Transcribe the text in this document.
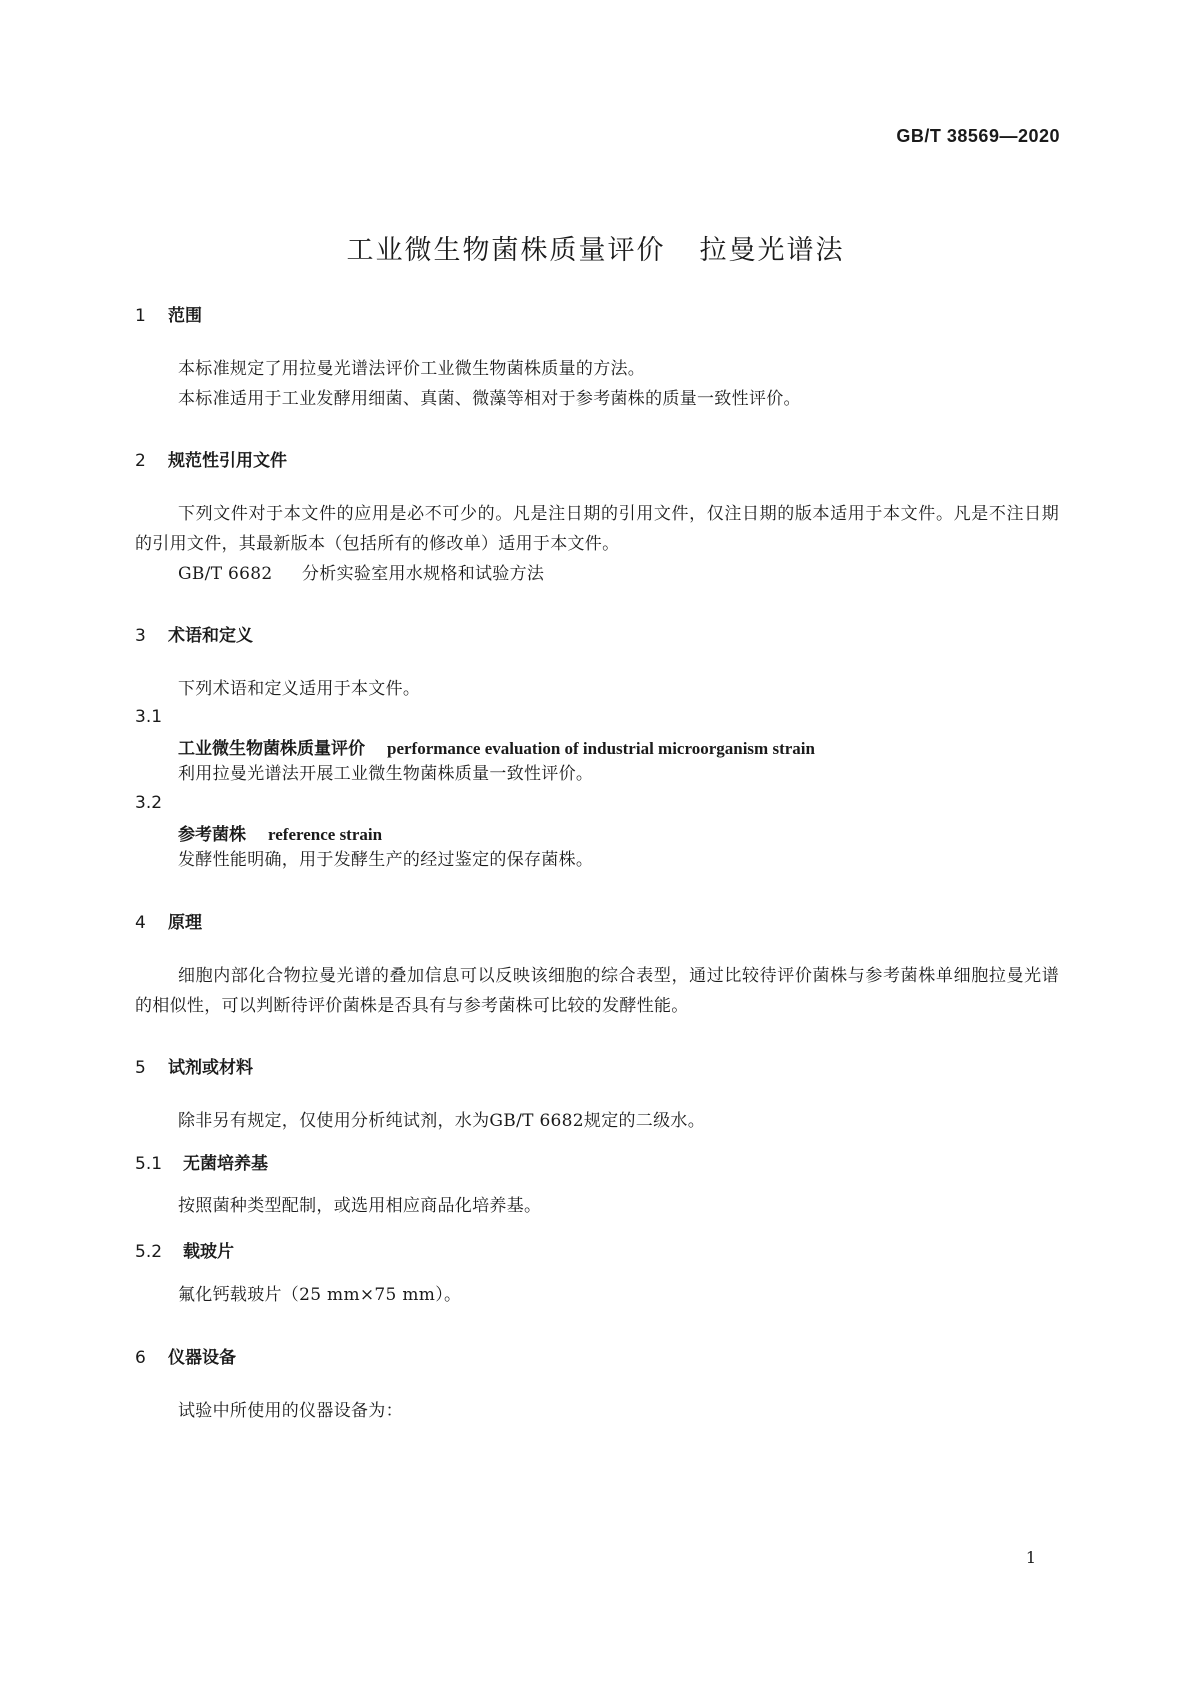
GB/T 38569—2020
工业微生物菌株质量评价 拉曼光谱法
1 范围
本标准规定了用拉曼光谱法评价工业微生物菌株质量的方法。
本标准适用于工业发酵用细菌、真菌、微藻等相对于参考菌株的质量一致性评价。
2 规范性引用文件
下列文件对于本文件的应用是必不可少的。凡是注日期的引用文件，仅注日期的版本适用于本文件。凡是不注日期的引用文件，其最新版本（包括所有的修改单）适用于本文件。
GB/T 6682 分析实验室用水规格和试验方法
3 术语和定义
下列术语和定义适用于本文件。
3.1
工业微生物菌株质量评价 performance evaluation of industrial microorganism strain
利用拉曼光谱法开展工业微生物菌株质量一致性评价。
3.2
参考菌株 reference strain
发酵性能明确，用于发酵生产的经过鉴定的保存菌株。
4 原理
细胞内部化合物拉曼光谱的叠加信息可以反映该细胞的综合表型，通过比较待评价菌株与参考菌株单细胞拉曼光谱的相似性，可以判断待评价菌株是否具有与参考菌株可比较的发酵性能。
5 试剂或材料
除非另有规定，仅使用分析纯试剂，水为GB/T 6682规定的二级水。
5.1 无菌培养基
按照菌种类型配制，或选用相应商品化培养基。
5.2 载玻片
氟化钙载玻片（25 mm×75 mm）。
6 仪器设备
试验中所使用的仪器设备为：
1
